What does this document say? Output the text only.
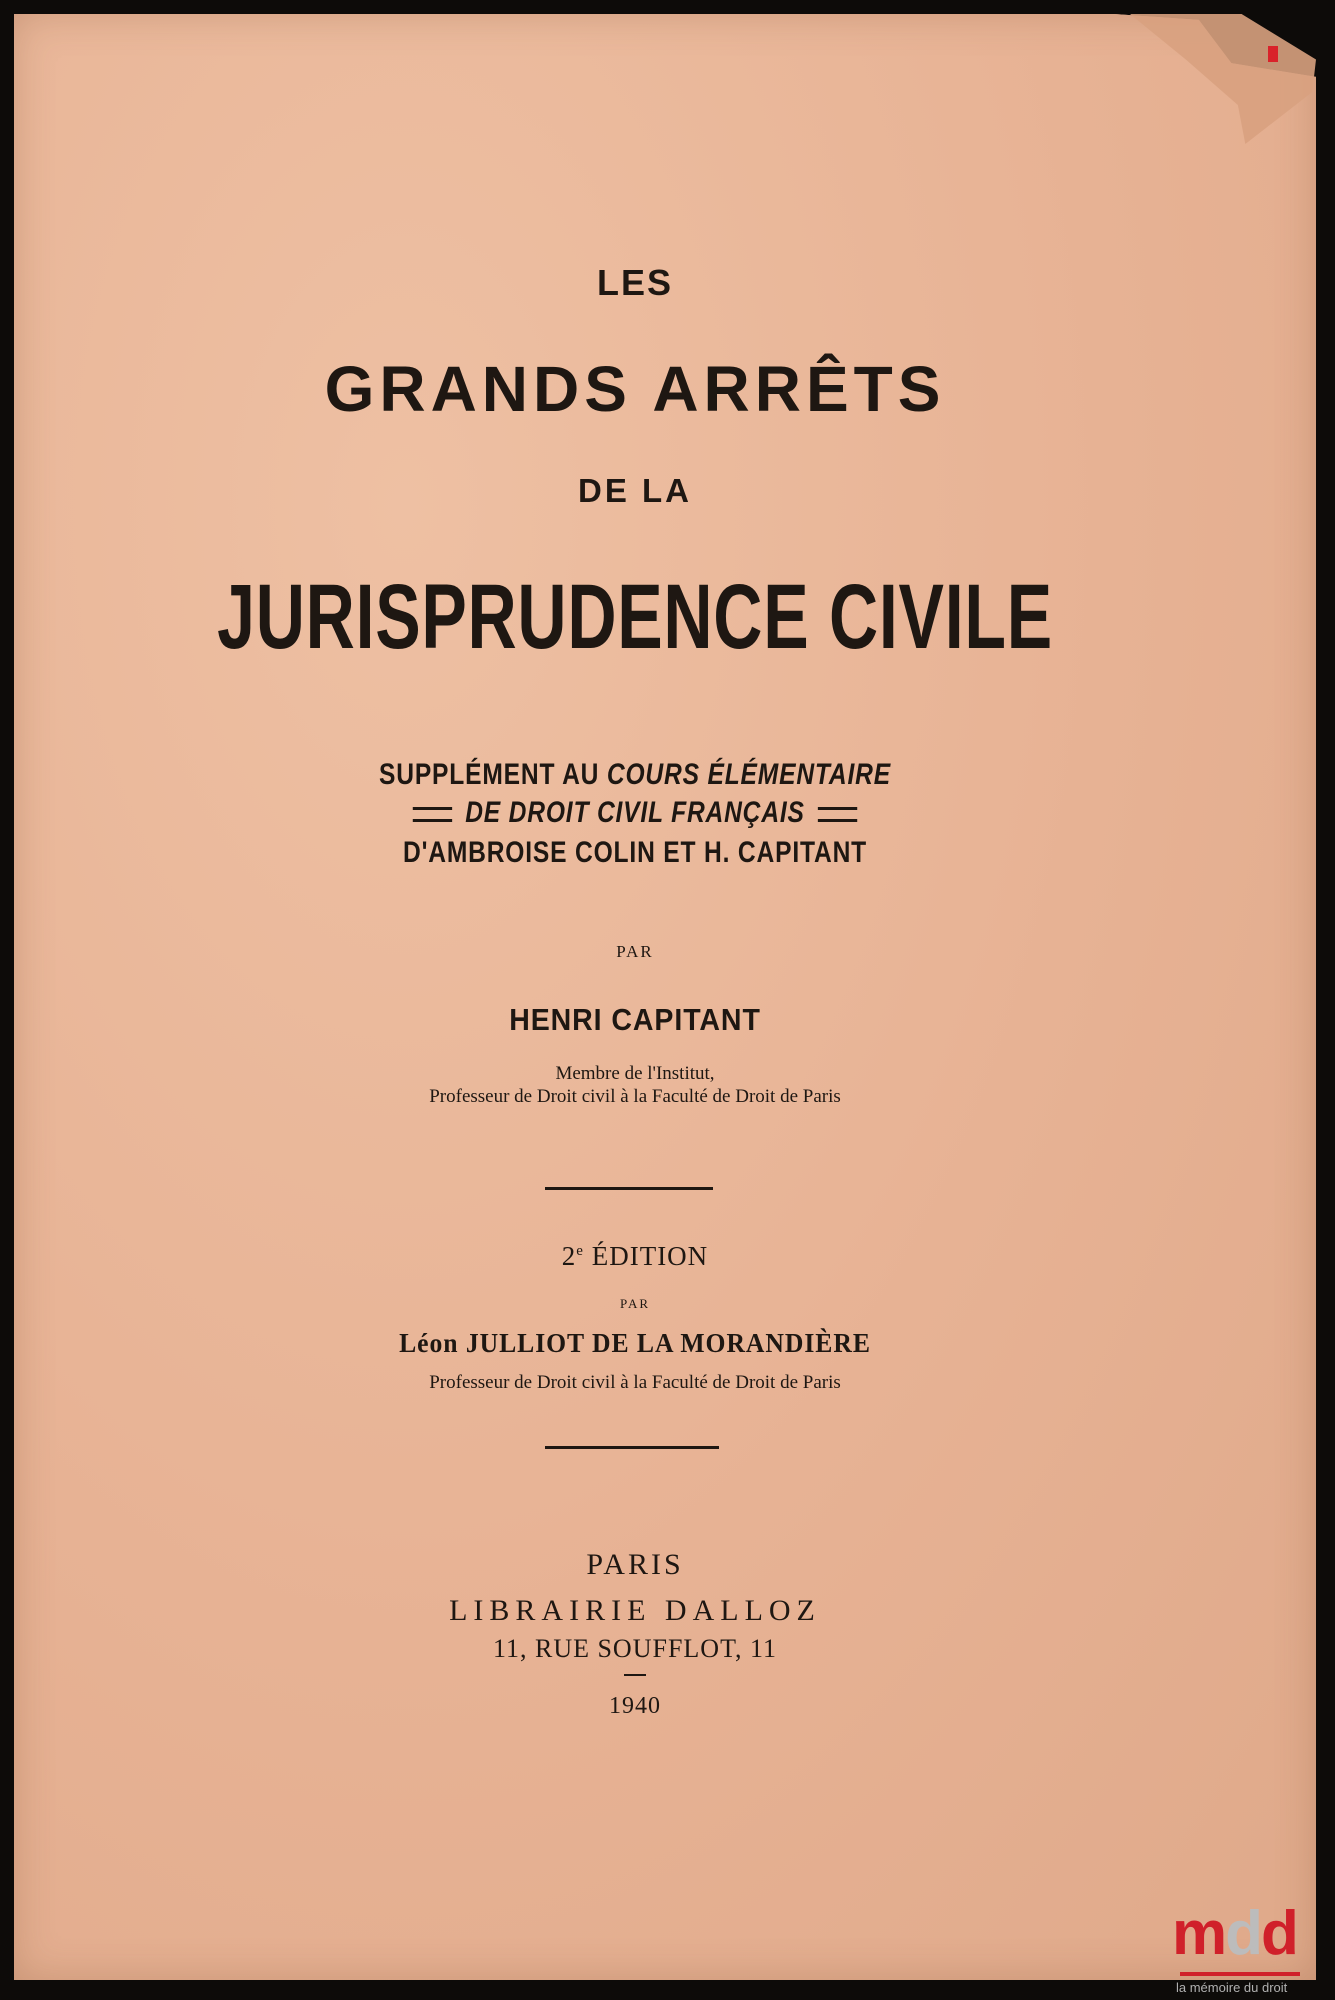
LES
GRANDS ARRÊTS
DE LA
JURISPRUDENCE CIVILE
SUPPLÉMENT AU COURS ÉLÉMENTAIRE
DE DROIT CIVIL FRANÇAIS
D'AMBROISE COLIN ET H. CAPITANT
PAR
HENRI CAPITANT
Membre de l'Institut,
Professeur de Droit civil à la Faculté de Droit de Paris
2e ÉDITION
PAR
Léon JULLIOT DE LA MORANDIÈRE
Professeur de Droit civil à la Faculté de Droit de Paris
PARIS
LIBRAIRIE DALLOZ
11, RUE SOUFFLOT, 11
1940
mdd
la mémoire du droit
